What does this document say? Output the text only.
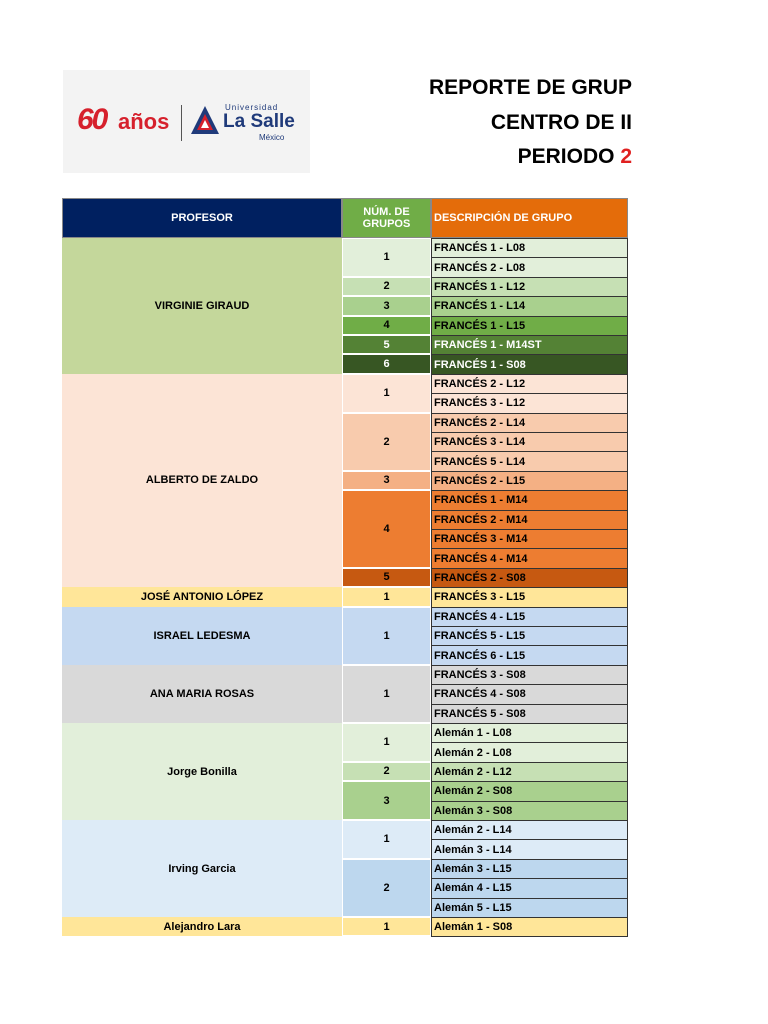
60 años
Universidad
La Salle
México
REPORTE DE GRUP
CENTRO DE II
PERIODO 2
PROFESOR	NÚM. DE GRUPOS	DESCRIPCIÓN DE GRUPO
VIRGINIE GIRAUD
ALBERTO DE ZALDO
JOSÉ ANTONIO LÓPEZ
ISRAEL LEDESMA
ANA MARIA ROSAS
Jorge Bonilla
Irving Garcia
Alejandro Lara
1
2
3
4
5
6
1
2
3
4
5
1
1
1
1
2
3
1
2
1
FRANCÉS 1 - L08
FRANCÉS 2 - L08
FRANCÉS 1 - L12
FRANCÉS 1 - L14
FRANCÉS 1 - L15
FRANCÉS 1 - M14ST
FRANCÉS 1 - S08
FRANCÉS 2 - L12
FRANCÉS 3 - L12
FRANCÉS 2 - L14
FRANCÉS 3 - L14
FRANCÉS 5 - L14
FRANCÉS 2 - L15
FRANCÉS 1 - M14
FRANCÉS 2 - M14
FRANCÉS 3 - M14
FRANCÉS 4 - M14
FRANCÉS 2 - S08
FRANCÉS 3 - L15
FRANCÉS 4 - L15
FRANCÉS 5 - L15
FRANCÉS 6 - L15
FRANCÉS 3 - S08
FRANCÉS 4 - S08
FRANCÉS 5 - S08
Alemán 1 - L08
Alemán 2 - L08
Alemán 2 - L12
Alemán 2 - S08
Alemán 3 - S08
Alemán 2 - L14
Alemán 3 - L14
Alemán 3 - L15
Alemán 4 - L15
Alemán 5 - L15
Alemán 1 - S08
